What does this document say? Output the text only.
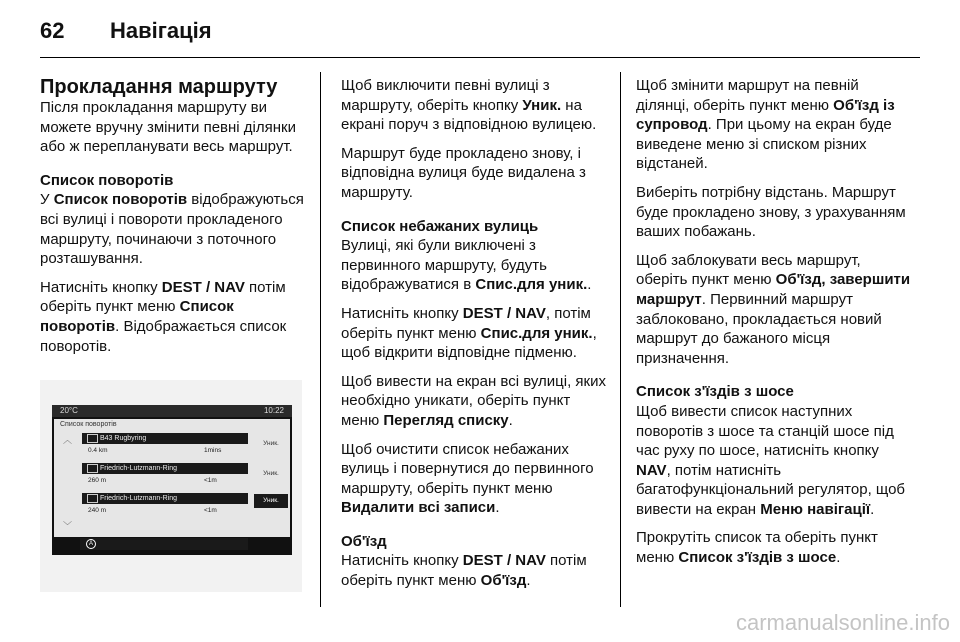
62 Навігація
Прокладання маршруту

Після прокладання маршруту ви можете вручну змінити певні ділянки або ж перепланувати весь маршрут.

Список поворотів

У Список поворотів відображуються всі вулиці і повороти прокладеного маршруту, починаючи з поточного розташування.

Натисніть кнопку DEST / NAV потім оберіть пункт меню Список поворотів. Відображається список поворотів.

20°C	10:22
Список поворотів
︿
﹀
B43 Rugbyring
0.4 km	1mins
Уник.
Friedrich-Lutzmann-Ring
260 m	<1m
Уник.
Friedrich-Lutzmann-Ring
240 m	<1m
Уник.
A

Щоб виключити певні вулиці з маршруту, оберіть кнопку Уник. на екрані поруч з відповідною вулицею.

Маршрут буде прокладено знову, і відповідна вулиця буде видалена з маршруту.

Список небажаних вулиць

Вулиці, які були виключені з первинного маршруту, будуть відображуватися в Спис.для уник..

Натисніть кнопку DEST / NAV, потім оберіть пункт меню Спис.для уник., щоб відкрити відповідне підменю.

Щоб вивести на екран всі вулиці, яких необхідно уникати, оберіть пункт меню Перегляд списку.

Щоб очистити список небажаних вулиць і повернутися до первинного маршруту, оберіть пункт меню Видалити всі записи.

Об'їзд

Натисніть кнопку DEST / NAV потім оберіть пункт меню Об'їзд.

Щоб змінити маршрут на певній ділянці, оберіть пункт меню Об'їзд із супровод. При цьому на екран буде виведене меню зі списком різних відстаней.

Виберіть потрібну відстань. Маршрут буде прокладено знову, з урахуванням ваших побажань.

Щоб заблокувати весь маршрут, оберіть пункт меню Об'їзд, завершити маршрут. Первинний маршрут заблоковано, прокладається новий маршрут до бажаного місця призначення.

Список з'їздів з шосе

Щоб вивести список наступних поворотів з шосе та станцій шосе під час руху по шосе, натисніть кнопку NAV, потім натисніть багатофункціональний регулятор, щоб вивести на екран Меню навігації.

Прокрутіть список та оберіть пункт меню Список з'їздів з шосе.

carmanualsonline.info
